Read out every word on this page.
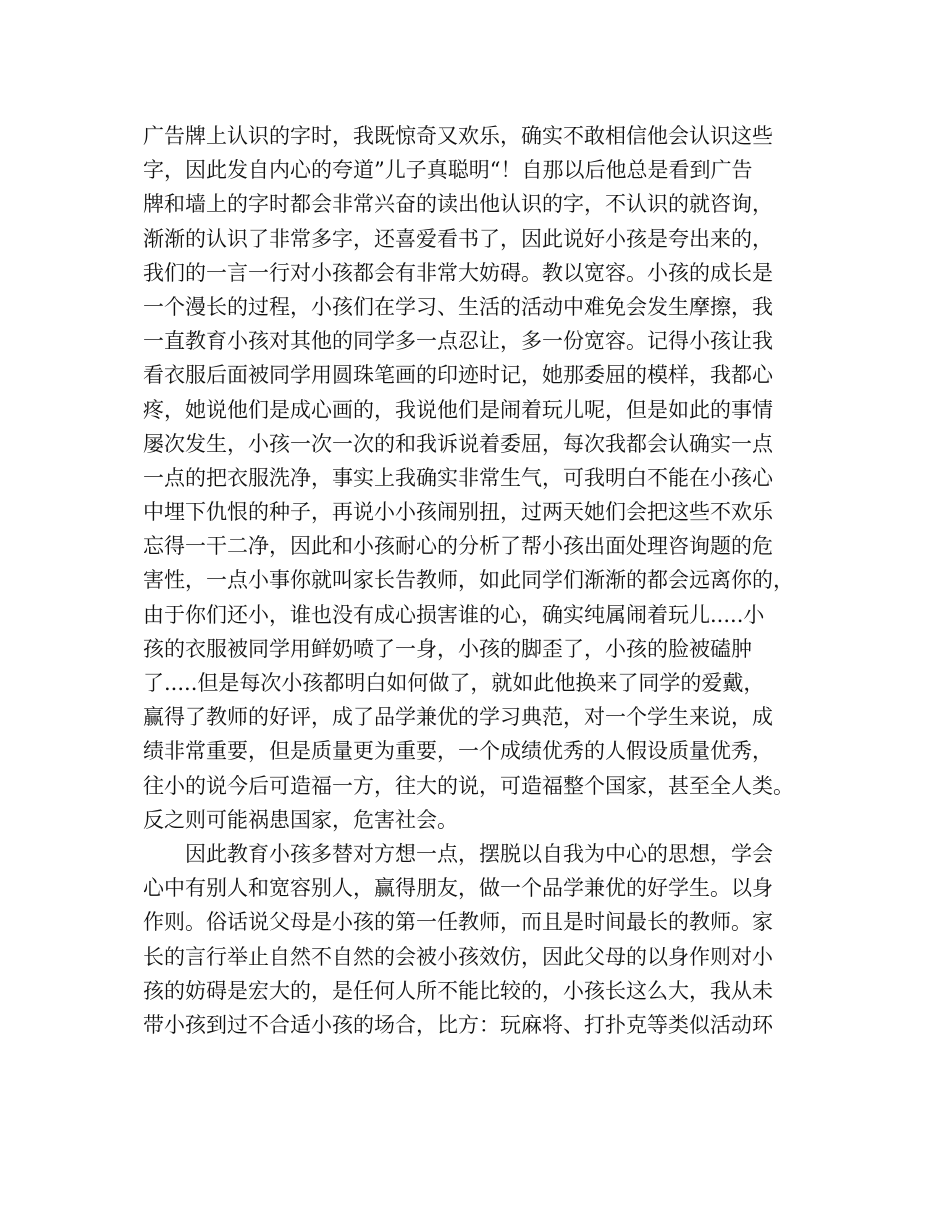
广告牌上认识的字时，我既惊奇又欢乐，确实不敢相信他会认识这些
字，因此发自内心的夸道”儿子真聪明“！自那以后他总是看到广告
牌和墙上的字时都会非常兴奋的读出他认识的字，不认识的就咨询，
渐渐的认识了非常多字，还喜爱看书了，因此说好小孩是夸出来的，
我们的一言一行对小孩都会有非常大妨碍。教以宽容。小孩的成长是
一个漫长的过程，小孩们在学习、生活的活动中难免会发生摩擦，我
一直教育小孩对其他的同学多一点忍让，多一份宽容。记得小孩让我
看衣服后面被同学用圆珠笔画的印迹时记，她那委屈的模样，我都心
疼，她说他们是成心画的，我说他们是闹着玩儿呢，但是如此的事情
屡次发生，小孩一次一次的和我诉说着委屈，每次我都会认确实一点
一点的把衣服洗净，事实上我确实非常生气，可我明白不能在小孩心
中埋下仇恨的种子，再说小小孩闹别扭，过两天她们会把这些不欢乐
忘得一干二净，因此和小孩耐心的分析了帮小孩出面处理咨询题的危
害性，一点小事你就叫家长告教师，如此同学们渐渐的都会远离你的，
由于你们还小，谁也没有成心损害谁的心，确实纯属闹着玩儿.....小
孩的衣服被同学用鲜奶喷了一身，小孩的脚歪了，小孩的脸被磕肿
了.....但是每次小孩都明白如何做了，就如此他换来了同学的爱戴，
赢得了教师的好评，成了品学兼优的学习典范，对一个学生来说，成
绩非常重要，但是质量更为重要，一个成绩优秀的人假设质量优秀，
往小的说今后可造福一方，往大的说，可造福整个国家，甚至全人类。
反之则可能祸患国家，危害社会。
因此教育小孩多替对方想一点，摆脱以自我为中心的思想，学会
心中有别人和宽容别人，赢得朋友，做一个品学兼优的好学生。以身
作则。俗话说父母是小孩的第一任教师，而且是时间最长的教师。家
长的言行举止自然不自然的会被小孩效仿，因此父母的以身作则对小
孩的妨碍是宏大的，是任何人所不能比较的，小孩长这么大，我从未
带小孩到过不合适小孩的场合，比方：玩麻将、打扑克等类似活动环
